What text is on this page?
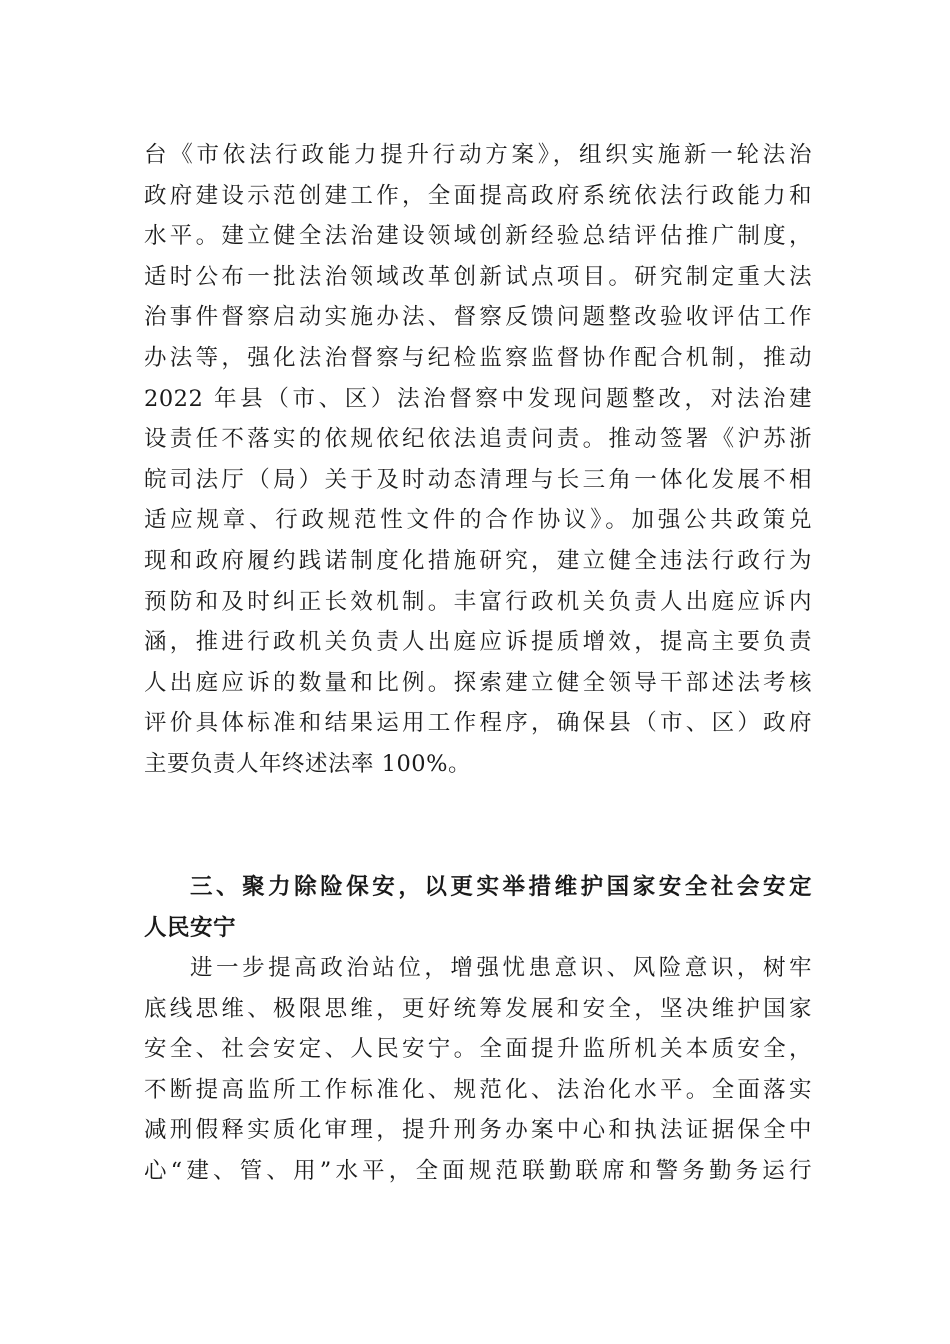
台《市依法行政能力提升行动方案》，组织实施新一轮法治
政府建设示范创建工作，全面提高政府系统依法行政能力和
水平。建立健全法治建设领域创新经验总结评估推广制度，
适时公布一批法治领域改革创新试点项目。研究制定重大法
治事件督察启动实施办法、督察反馈问题整改验收评估工作
办法等，强化法治督察与纪检监察监督协作配合机制，推动
2022 年县（市、区）法治督察中发现问题整改，对法治建
设责任不落实的依规依纪依法追责问责。推动签署《沪苏浙
皖司法厅（局）关于及时动态清理与长三角一体化发展不相
适应规章、行政规范性文件的合作协议》。加强公共政策兑
现和政府履约践诺制度化措施研究，建立健全违法行政行为
预防和及时纠正长效机制。丰富行政机关负责人出庭应诉内
涵，推进行政机关负责人出庭应诉提质增效，提高主要负责
人出庭应诉的数量和比例。探索建立健全领导干部述法考核
评价具体标准和结果运用工作程序，确保县（市、区）政府
主要负责人年终述法率 100%。
三、聚力除险保安，以更实举措维护国家安全社会安定
人民安宁
进一步提高政治站位，增强忧患意识、风险意识，树牢
底线思维、极限思维，更好统筹发展和安全，坚决维护国家
安全、社会安定、人民安宁。全面提升监所机关本质安全，
不断提高监所工作标准化、规范化、法治化水平。全面落实
减刑假释实质化审理，提升刑务办案中心和执法证据保全中
心“建、管、用”水平，全面规范联勤联席和警务勤务运行
